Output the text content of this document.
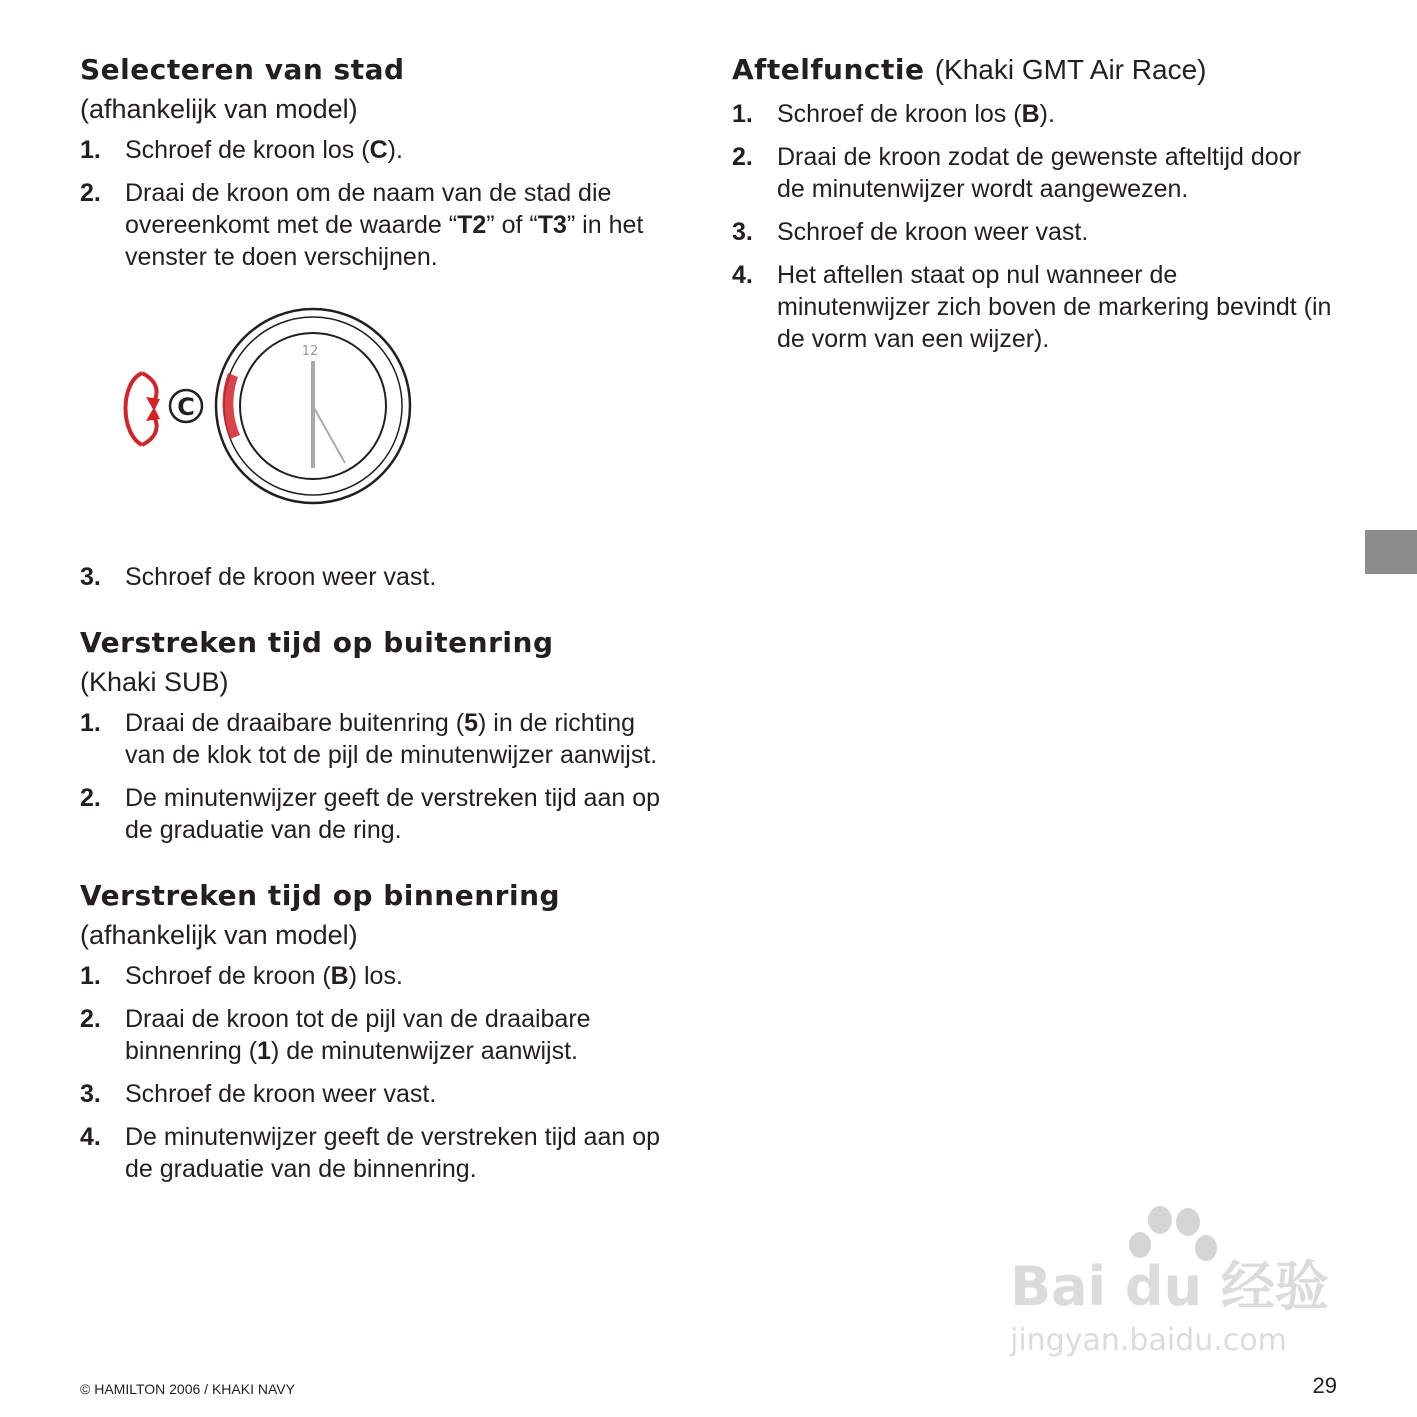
Selecteren van stad

(afhankelijk van model)

1. Schroef de kroon los (C).
2. Draai de kroon om de naam van de stad die overeenkomt met de waarde “T2” of “T3” in het venster te doen verschijnen.
C
12
3. Schroef de kroon weer vast.
Verstreken tijd op buitenring

(Khaki SUB)

1. Draai de draaibare buitenring (5) in de richting van de klok tot de pijl de minutenwijzer aanwijst.
2. De minutenwijzer geeft de verstreken tijd aan op de graduatie van de ring.
Verstreken tijd op binnenring

(afhankelijk van model)

1. Schroef de kroon (B) los.
2. Draai de kroon tot de pijl van de draaibare binnenring (1) de minutenwijzer aanwijst.
3. Schroef de kroon weer vast.
4. De minutenwijzer geeft de verstreken tijd aan op de graduatie van de binnenring.
Aftelfunctie (Khaki GMT Air Race)
1. Schroef de kroon los (B).
2. Draai de kroon zodat de gewenste afteltijd door de minutenwijzer wordt aangewezen.
3. Schroef de kroon weer vast.
4. Het aftellen staat op nul wanneer de minutenwijzer zich boven de markering bevindt (in de vorm van een wijzer).
Bai du 经验
jingyan.baidu.com
© HAMILTON 2006 / KHAKI NAVY	29
